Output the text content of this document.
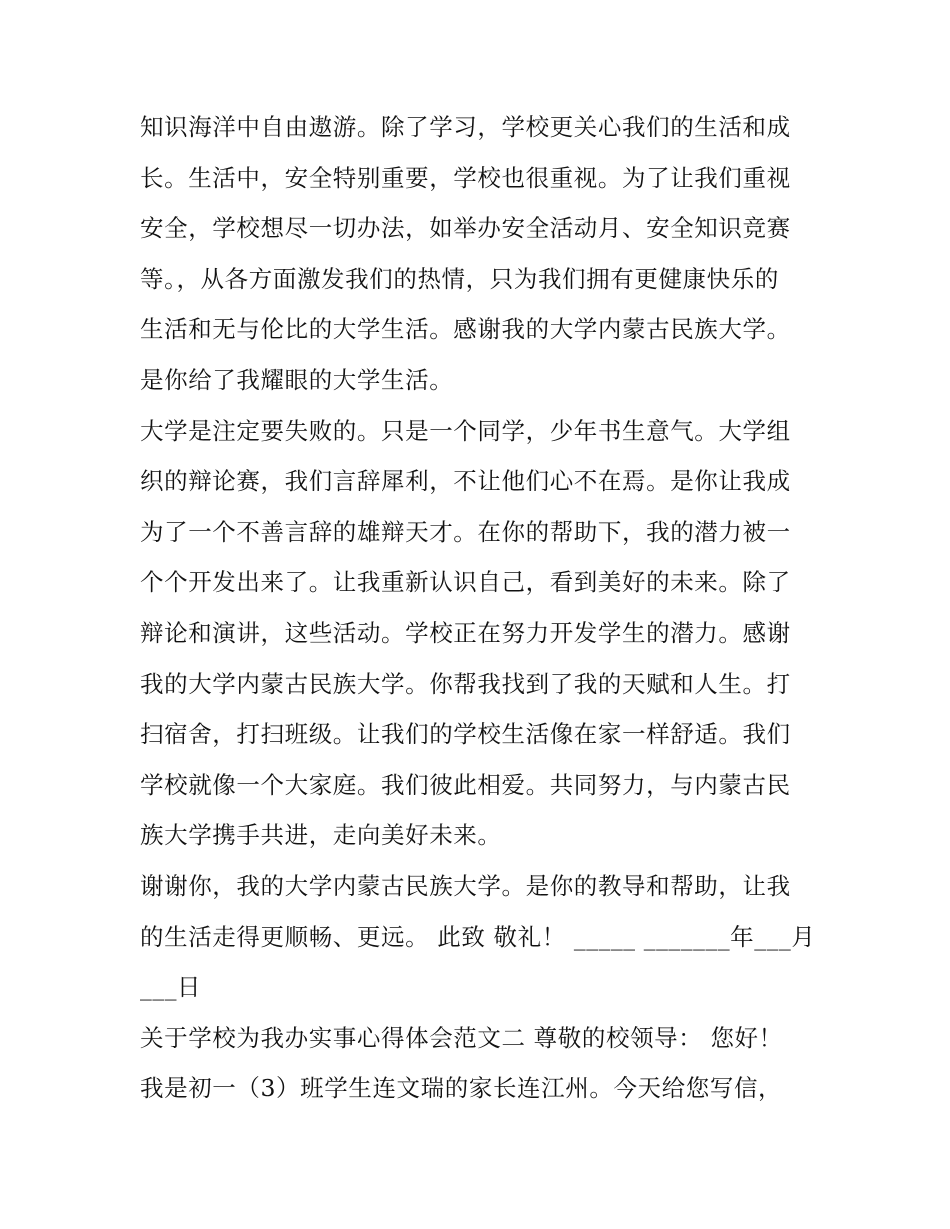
知识海洋中自由遨游。除了学习，学校更关心我们的生活和成
长。生活中，安全特别重要，学校也很重视。为了让我们重视
安全，学校想尽一切办法，如举办安全活动月、安全知识竞赛
等。，从各方面激发我们的热情，只为我们拥有更健康快乐的
生活和无与伦比的大学生活。感谢我的大学内蒙古民族大学。
是你给了我耀眼的大学生活。
大学是注定要失败的。只是一个同学，少年书生意气。大学组
织的辩论赛，我们言辞犀利，不让他们心不在焉。是你让我成
为了一个不善言辞的雄辩天才。在你的帮助下，我的潜力被一
个个开发出来了。让我重新认识自己，看到美好的未来。除了
辩论和演讲，这些活动。学校正在努力开发学生的潜力。感谢
我的大学内蒙古民族大学。你帮我找到了我的天赋和人生。打
扫宿舍，打扫班级。让我们的学校生活像在家一样舒适。我们
学校就像一个大家庭。我们彼此相爱。共同努力，与内蒙古民
族大学携手共进，走向美好未来。
谢谢你，我的大学内蒙古民族大学。是你的教导和帮助，让我
的生活走得更顺畅、更远。 此致 敬礼！ _____ _______年___月
___日
关于学校为我办实事心得体会范文二 尊敬的校领导： 您好！
我是初一（3）班学生连文瑞的家长连江州。今天给您写信，
